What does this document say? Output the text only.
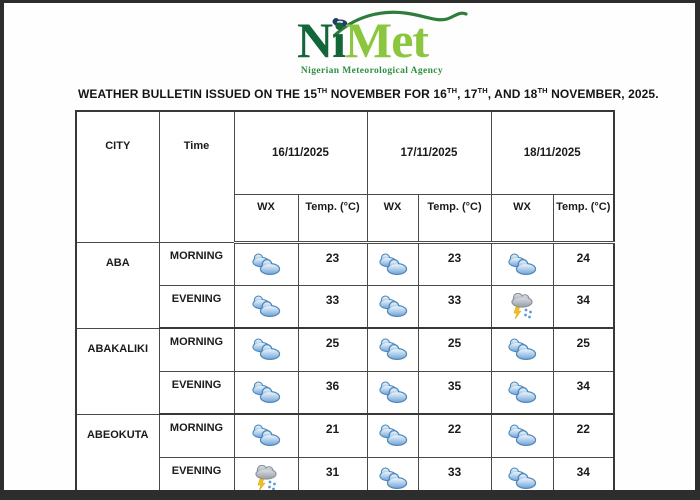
NiMet
Nigerian Meteorological Agency
WEATHER BULLETIN ISSUED ON THE 15TH NOVEMBER FOR 16TH, 17TH, AND 18TH NOVEMBER, 2025.
CITY	Time	16/11/2025		17/11/2025		18/11/2025	
		WX	Temp. (°C)	WX	Temp. (°C)	WX	Temp. (°C)
ABA	MORNING		23		23		24
	EVENING		33		33		34
ABAKALIKI	MORNING		25		25		25
	EVENING		36		35		34
ABEOKUTA	MORNING		21		22		22
	EVENING		31		33		34
